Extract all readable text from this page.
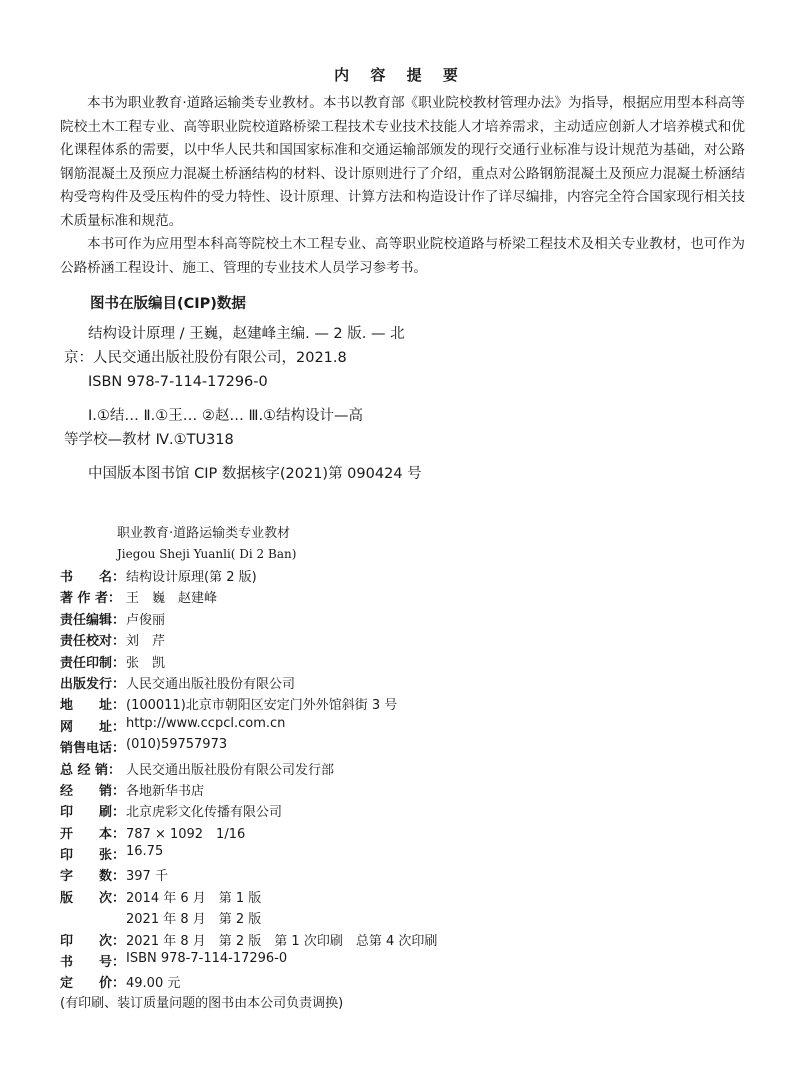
内 容 提 要

本书为职业教育·道路运输类专业教材。本书以教育部《职业院校教材管理办法》为指导，根据应用型本科高等院校土木工程专业、高等职业院校道路桥梁工程技术专业技术技能人才培养需求，主动适应创新人才培养模式和优化课程体系的需要，以中华人民共和国国家标准和交通运输部颁发的现行交通行业标准与设计规范为基础，对公路钢筋混凝土及预应力混凝土桥涵结构的材料、设计原则进行了介绍，重点对公路钢筋混凝土及预应力混凝土桥涵结构受弯构件及受压构件的受力特性、设计原理、计算方法和构造设计作了详尽编排，内容完全符合国家现行相关技术质量标准和规范。

本书可作为应用型本科高等院校土木工程专业、高等职业院校道路与桥梁工程技术及相关专业教材，也可作为公路桥涵工程设计、施工、管理的专业技术人员学习参考书。

图书在版编目(CIP)数据
结构设计原理 / 王巍，赵建峰主编. — 2 版. — 北
京：人民交通出版社股份有限公司，2021.8
ISBN 978-7-114-17296-0
Ⅰ.①结… Ⅱ.①王… ②赵… Ⅲ.①结构设计—高
等学校—教材 Ⅳ.①TU318
中国版本图书馆 CIP 数据核字(2021)第 090424 号
职业教育·道路运输类专业教材
Jiegou Sheji Yuanli( Di 2 Ban)
书　　名： 结构设计原理(第 2 版)
著 作 者： 王　巍　赵建峰
责任编辑： 卢俊丽
责任校对： 刘　芹
责任印制： 张　凯
出版发行： 人民交通出版社股份有限公司
地　　址： (100011)北京市朝阳区安定门外外馆斜街 3 号
网　　址： http://www.ccpcl.com.cn
销售电话： (010)59757973
总 经 销： 人民交通出版社股份有限公司发行部
经　　销： 各地新华书店
印　　刷： 北京虎彩文化传播有限公司
开　　本： 787 × 1092　1/16
印　　张： 16.75
字　　数： 397 千
版　　次： 2014 年 6 月　第 1 版
2021 年 8 月　第 2 版
印　　次： 2021 年 8 月　第 2 版　第 1 次印刷　总第 4 次印刷
书　　号： ISBN 978-7-114-17296-0
定　　价： 49.00 元
(有印刷、装订质量问题的图书由本公司负责调换)
